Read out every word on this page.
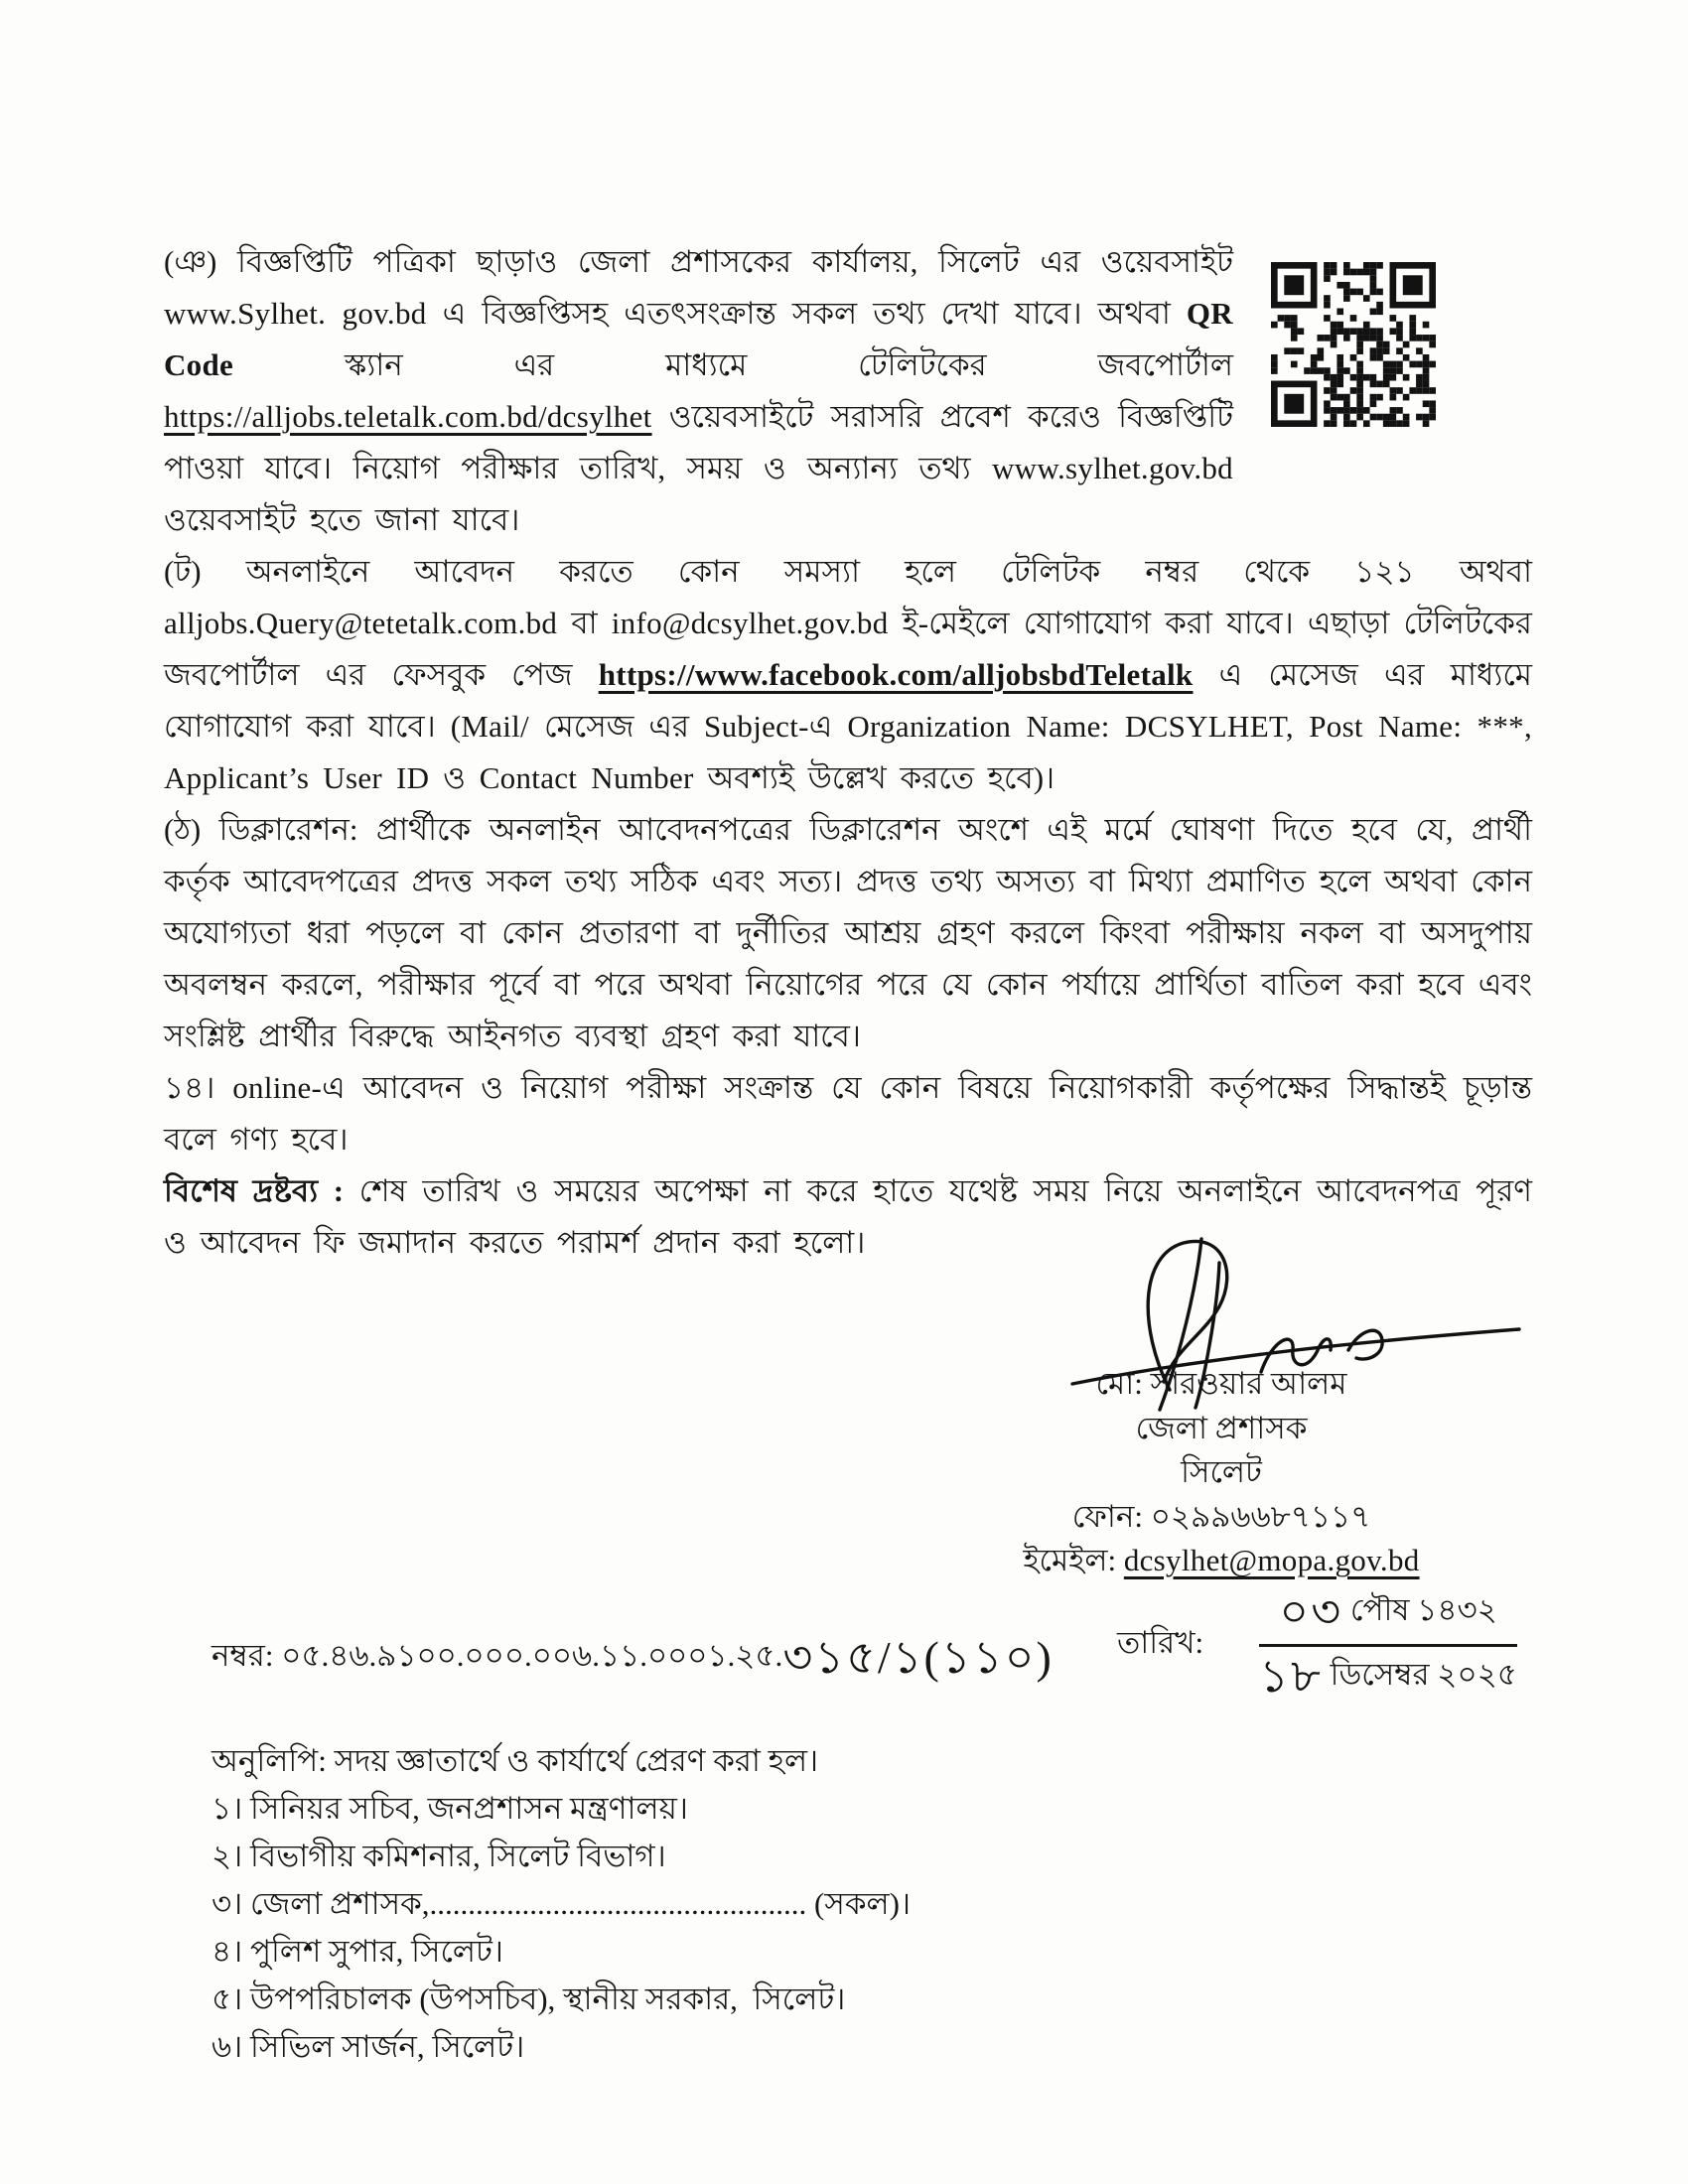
(ঞ) বিজ্ঞপ্তিটি পত্রিকা ছাড়াও জেলা প্রশাসকের কার্যালয়, সিলেট এর ওয়েবসাইট www.Sylhet. gov.bd এ বিজ্ঞপ্তিসহ এতৎসংক্রান্ত সকল তথ্য দেখা যাবে। অথবা QR Code স্ক্যান এর মাধ্যমে টেলিটকের জবপোর্টাল https://alljobs.teletalk.com.bd/dcsylhet ওয়েবসাইটে সরাসরি প্রবেশ করেও বিজ্ঞপ্তিটি পাওয়া যাবে। নিয়োগ পরীক্ষার তারিখ, সময় ও অন্যান্য তথ্য www.sylhet.gov.bd ওয়েবসাইট হতে জানা যাবে।

(ট) অনলাইনে আবেদন করতে কোন সমস্যা হলে টেলিটক নম্বর থেকে ১২১ অথবা alljobs.Query@tetetalk.com.bd বা info@dcsylhet.gov.bd ই-মেইলে যোগাযোগ করা যাবে। এছাড়া টেলিটকের জবপোর্টাল এর ফেসবুক পেজ https://www.facebook.com/alljobsbdTeletalk এ মেসেজ এর মাধ্যমে যোগাযোগ করা যাবে। (Mail/ মেসেজ এর Subject-এ Organization Name: DCSYLHET, Post Name: ***, Applicant’s User ID ও Contact Number অবশ্যই উল্লেখ করতে হবে)।

(ঠ) ডিক্লারেশন: প্রার্থীকে অনলাইন আবেদনপত্রের ডিক্লারেশন অংশে এই মর্মে ঘোষণা দিতে হবে যে, প্রার্থী কর্তৃক আবেদপত্রের প্রদত্ত সকল তথ্য সঠিক এবং সত্য। প্রদত্ত তথ্য অসত্য বা মিথ্যা প্রমাণিত হলে অথবা কোন অযোগ্যতা ধরা পড়লে বা কোন প্রতারণা বা দুর্নীতির আশ্রয় গ্রহণ করলে কিংবা পরীক্ষায় নকল বা অসদুপায় অবলম্বন করলে, পরীক্ষার পূর্বে বা পরে অথবা নিয়োগের পরে যে কোন পর্যায়ে প্রার্থিতা বাতিল করা হবে এবং সংশ্লিষ্ট প্রার্থীর বিরুদ্ধে আইনগত ব্যবস্থা গ্রহণ করা যাবে।

১৪। online-এ আবেদন ও নিয়োগ পরীক্ষা সংক্রান্ত যে কোন বিষয়ে নিয়োগকারী কর্তৃপক্ষের সিদ্ধান্তই চূড়ান্ত বলে গণ্য হবে।

বিশেষ দ্রষ্টব্য : শেষ তারিখ ও সময়ের অপেক্ষা না করে হাতে যথেষ্ট সময় নিয়ে অনলাইনে আবেদনপত্র পূরণ ও আবেদন ফি জমাদান করতে পরামর্শ প্রদান করা হলো।

মো: সারওয়ার আলম
জেলা প্রশাসক
সিলেট
ফোন: ০২৯৯৬৬৮৭১১৭
ইমেইল: dcsylhet@mopa.gov.bd
নম্বর: ০৫.৪৬.৯১০০.০০০.০০৬.১১.০০০১.২৫.৩১৫/১(১১০) তারিখ: $\frac{\text{০৩ পৌষ ১৪৩২}}{\text{১৮ ডিসেম্বর ২০২৫}}$
অনুলিপি: সদয় জ্ঞাতার্থে ও কার্যার্থে প্রেরণ করা হল।
১। সিনিয়র সচিব, জনপ্রশাসন মন্ত্রণালয়।
২। বিভাগীয় কমিশনার, সিলেট বিভাগ।
৩। জেলা প্রশাসক,................................................. (সকল)।
৪। পুলিশ সুপার, সিলেট।
৫। উপপরিচালক (উপসচিব), স্থানীয় সরকার,  সিলেট।
৬। সিভিল সার্জন, সিলেট।
